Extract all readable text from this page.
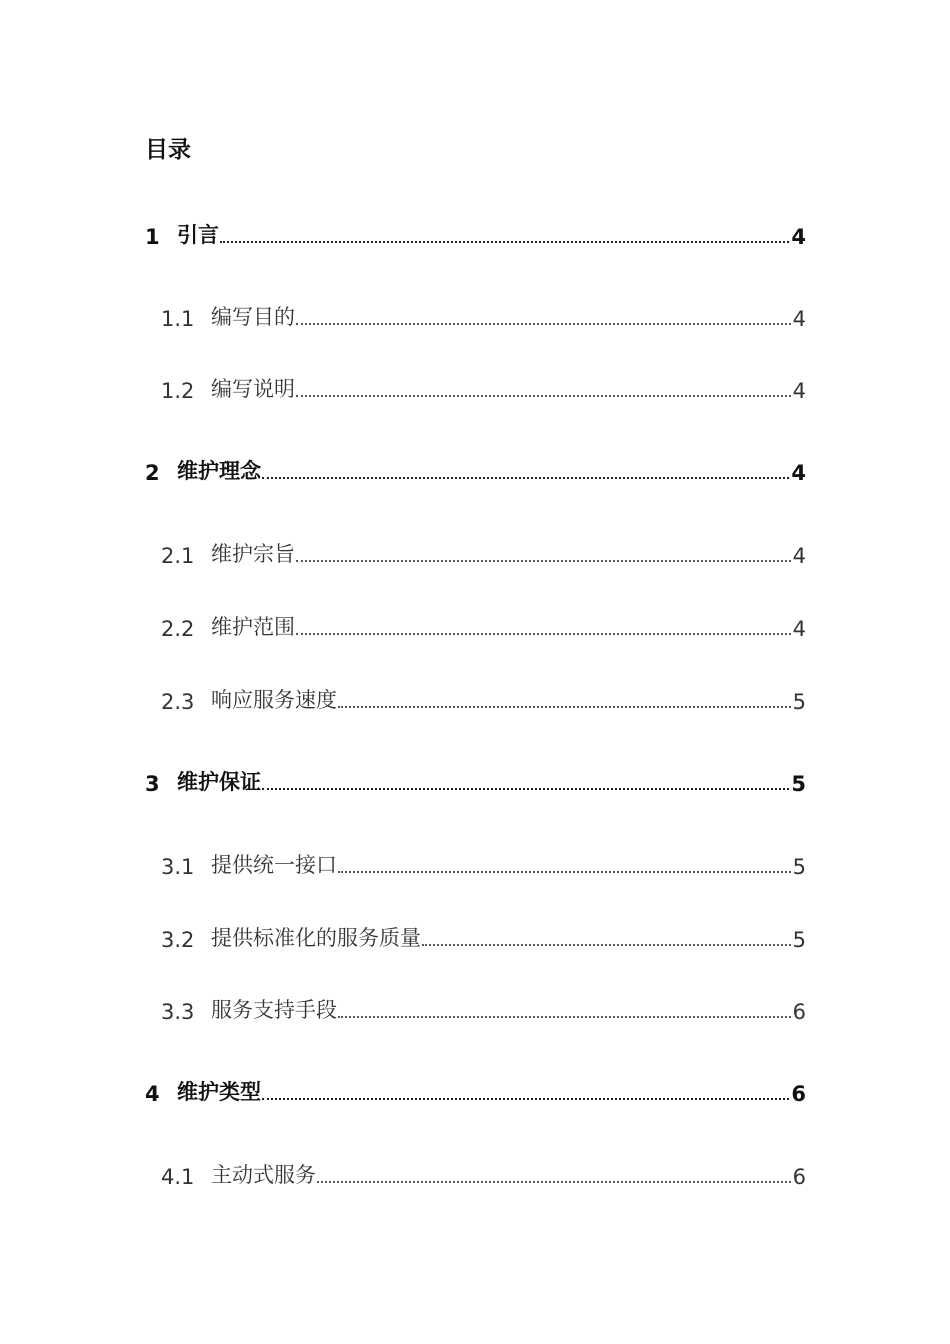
目录
1 引言	4
1.1 编写目的	4
1.2 编写说明	4
2 维护理念	4
2.1 维护宗旨	4
2.2 维护范围	4
2.3 响应服务速度	5
3 维护保证	5
3.1 提供统一接口	5
3.2 提供标准化的服务质量	5
3.3 服务支持手段	6
4 维护类型	6
4.1 主动式服务	6
